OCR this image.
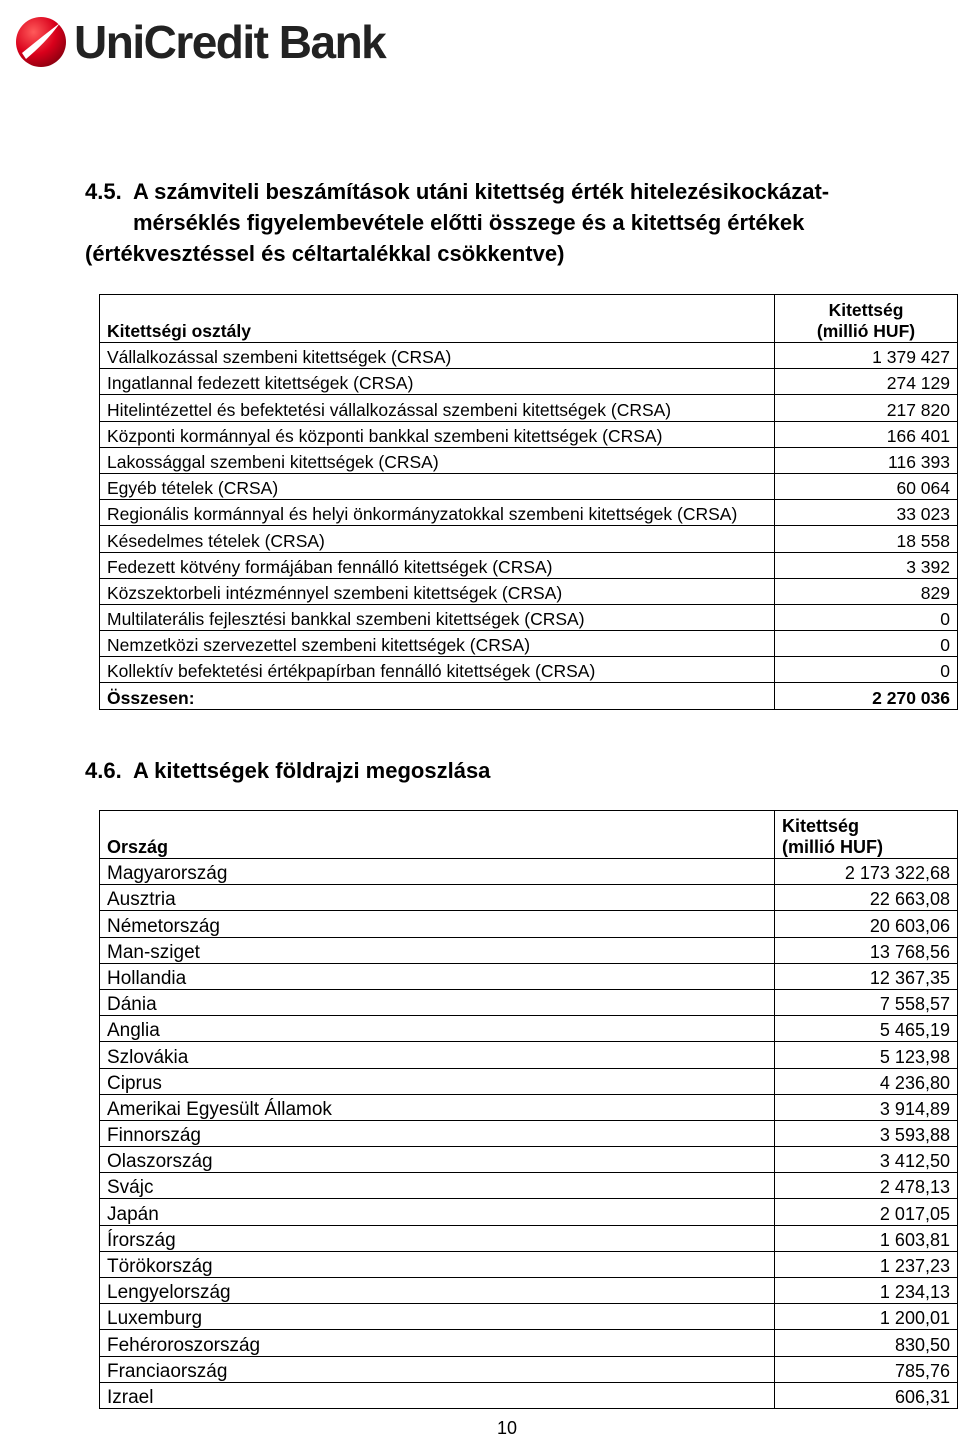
UniCredit Bank
4.5. A számviteli beszámítások utáni kitettség érték hitelezésikockázat-
mérséklés figyelembevétele előtti összege és a kitettség értékek
(értékvesztéssel és céltartalékkal csökkentve)
Kitettségi osztály	Kitettség
(millió HUF)

Vállalkozással szembeni kitettségek (CRSA)	1 379 427
Ingatlannal fedezett kitettségek (CRSA)	274 129
Hitelintézettel és befektetési vállalkozással szembeni kitettségek (CRSA)	217 820
Központi kormánnyal és központi bankkal szembeni kitettségek (CRSA)	166 401
Lakossággal szembeni kitettségek (CRSA)	116 393
Egyéb tételek (CRSA)	60 064
Regionális kormánnyal és helyi önkormányzatokkal szembeni kitettségek (CRSA)	33 023
Késedelmes tételek (CRSA)	18 558
Fedezett kötvény formájában fennálló kitettségek (CRSA)	3 392
Közszektorbeli intézménnyel szembeni kitettségek (CRSA)	829
Multilaterális fejlesztési bankkal szembeni kitettségek (CRSA)	0
Nemzetközi szervezettel szembeni kitettségek (CRSA)	0
Kollektív befektetési értékpapírban fennálló kitettségek (CRSA)	0
Összesen:	2 270 036
4.6. A kitettségek földrajzi megoszlása
Ország	Kitettség
(millió HUF)

Magyarország	2 173 322,68
Ausztria	22 663,08
Németország	20 603,06
Man-sziget	13 768,56
Hollandia	12 367,35
Dánia	7 558,57
Anglia	5 465,19
Szlovákia	5 123,98
Ciprus	4 236,80
Amerikai Egyesült Államok	3 914,89
Finnország	3 593,88
Olaszország	3 412,50
Svájc	2 478,13
Japán	2 017,05
Írország	1 603,81
Törökország	1 237,23
Lengyelország	1 234,13
Luxemburg	1 200,01
Fehéroroszország	830,50
Franciaország	785,76
Izrael	606,31
10
